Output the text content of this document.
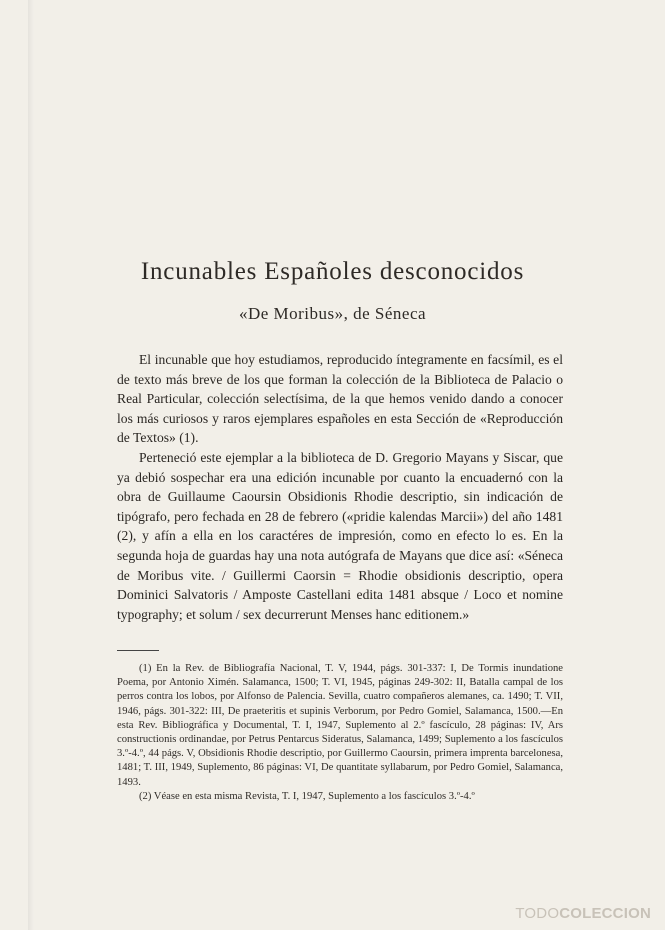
Incunables Españoles desconocidos
«De Moribus», de Séneca

El incunable que hoy estudiamos, reproducido íntegramente en facsímil, es el de texto más breve de los que forman la colección de la Biblioteca de Palacio o Real Particular, colección selectísima, de la que hemos venido dando a conocer los más curiosos y raros ejemplares españoles en esta Sección de «Reproducción de Textos» (1).

Perteneció este ejemplar a la biblioteca de D. Gregorio Mayans y Siscar, que ya debió sospechar era una edición incunable por cuanto la encuadernó con la obra de Guillaume Caoursin Obsidionis Rhodie descriptio, sin indicación de tipógrafo, pero fechada en 28 de febrero («pridie kalendas Marcii») del año 1481 (2), y afín a ella en los caractéres de impresión, como en efecto lo es. En la segunda hoja de guardas hay una nota autógrafa de Mayans que dice así: «Séneca de Moribus vite. / Guillermi Caorsin = Rhodie obsidionis descriptio, opera Dominici Salvatoris / Amposte Castellani edita 1481 absque / Loco et nomine typography; et solum / sex decurrerunt Menses hanc editionem.»

(1) En la Rev. de Bibliografía Nacional, T. V, 1944, págs. 301-337: I, De Tormis inundatione Poema, por Antonio Ximén. Salamanca, 1500; T. VI, 1945, páginas 249-302: II, Batalla campal de los perros contra los lobos, por Alfonso de Palencia. Sevilla, cuatro compañeros alemanes, ca. 1490; T. VII, 1946, págs. 301-322: III, De praeteritis et supinis Verborum, por Pedro Gomiel, Salamanca, 1500.—En esta Rev. Bibliográfica y Documental, T. I, 1947, Suplemento al 2.º fascículo, 28 páginas: IV, Ars constructionis ordinandae, por Petrus Pentarcus Sideratus, Salamanca, 1499; Suplemento a los fascículos 3.º-4.º, 44 págs. V, Obsidionis Rhodie descriptio, por Guillermo Caoursin, primera imprenta barcelonesa, 1481; T. III, 1949, Suplemento, 86 páginas: VI, De quantitate syllabarum, por Pedro Gomiel, Salamanca, 1493.

(2) Véase en esta misma Revista, T. I, 1947, Suplemento a los fascículos 3.º-4.º

TODOCOLECCION
